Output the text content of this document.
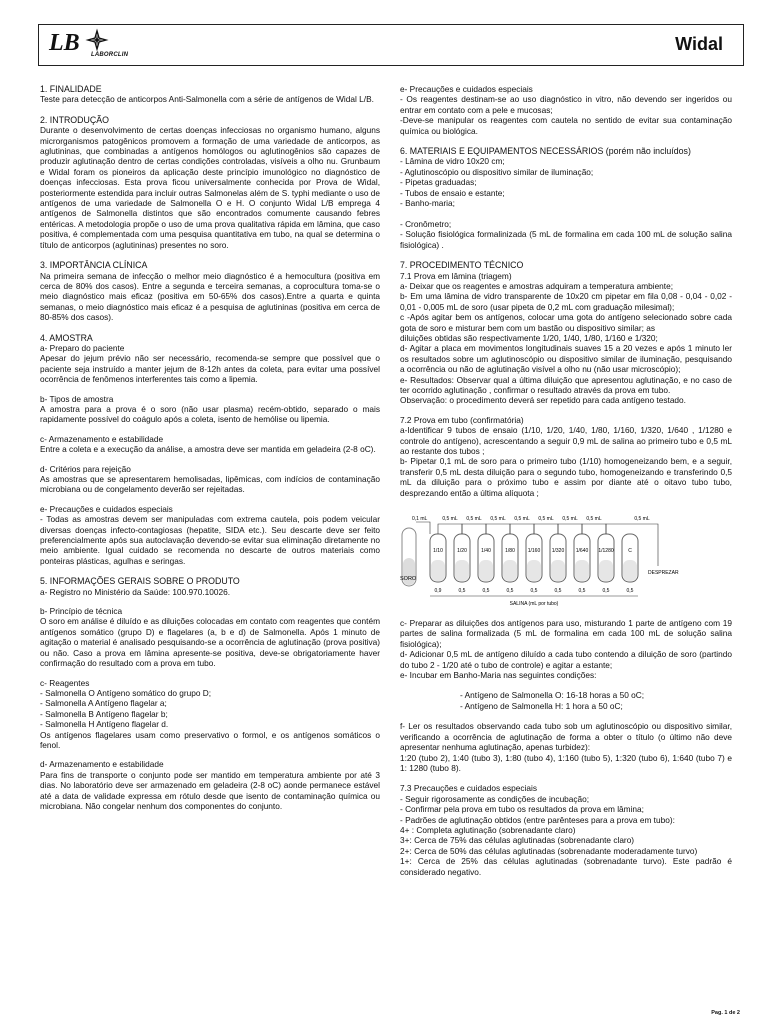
LB LABORCLIN
Widal
1. FINALIDADE
Teste para detecção de anticorpos Anti-Salmonella com a série de antígenos de Widal L/B.
2. INTRODUÇÃO
Durante o desenvolvimento de certas doenças infecciosas no organismo humano, alguns microrganismos patogênicos promovem a formação de uma variedade de anticorpos, as aglutininas, que combinadas a antígenos homólogos ou aglutinogênios são capazes de produzir aglutinação dentro de certas condições controladas, visíveis a olho nu. Grunbaum e Widal foram os pioneiros da aplicação deste princípio imunológico no diagnóstico de doenças infecciosas. Esta prova ficou universalmente conhecida por Prova de Widal, posteriormente estendida para incluir outras Salmonelas além de S. typhi mediante o uso de antígenos de uma variedade de Salmonella O e H. O conjunto Widal L/B emprega 4 antígenos de Salmonella distintos que são encontrados comumente causando febres entéricas. A metodologia propõe o uso de uma prova qualitativa rápida em lâmina, que caso positiva, é complementada com uma pesquisa quantitativa em tubo, na qual se determina o título de anticorpos (aglutininas) presentes no soro.
3. IMPORTÂNCIA CLÍNICA
Na primeira semana de infecção o melhor meio diagnóstico é a hemocultura (positiva em cerca de 80% dos casos). Entre a segunda e terceira semanas, a coprocultura toma-se o meio diagnóstico mais eficaz (positiva em 50-65% dos casos).Entre a quarta e quinta semanas, o meio diagnóstico mais eficaz é a pesquisa de aglutininas (positiva em cerca de 80-85% dos casos).
4. AMOSTRA
a- Preparo do paciente
Apesar do jejum prévio não ser necessário, recomenda-se sempre que possível que o paciente seja instruído a manter jejum de 8-12h antes da coleta, para evitar uma possível ocorrência de fenômenos interferentes tais como a lipemia.
b- Tipos de amostra
A amostra para a prova é o soro (não usar plasma) recém-obtido, separado o mais rapidamente possível do coágulo após a coleta, isento de hemólise ou lipemia.
c- Armazenamento e estabilidade
Entre a coleta e a execução da análise, a amostra deve ser mantida em geladeira (2-8 oC).
d- Critérios para rejeição
As amostras que se apresentarem hemolisadas, lipêmicas, com indícios de contaminação microbiana ou de congelamento deverão ser rejeitadas.
e- Precauções e cuidados especiais
- Todas as amostras devem ser manipuladas com extrema cautela, pois podem veicular diversas doenças infecto-contagiosas (hepatite, SIDA etc.). Seu descarte deve ser feito preferencialmente após sua autoclavação devendo-se evitar sua eliminação diretamente no meio ambiente. Igual cuidado se recomenda no descarte de outros materiais como ponteiras plásticas, agulhas e seringas.
5. INFORMAÇÕES GERAIS SOBRE O PRODUTO
a- Registro no Ministério da Saúde: 100.970.10026.
b- Princípio de técnica
O soro em análise é diluído e as diluições colocadas em contato com reagentes que contém antígenos somático (grupo D) e flagelares (a, b e d) de Salmonella. Após 1 minuto de agitação o material é analisado pesquisando-se a ocorrência de aglutinação (prova positiva) ou não. Caso a prova em lâmina apresente-se positiva, deve-se obrigatoriamente haver confirmação do resultado com a prova em tubo.
c- Reagentes
- Salmonella O Antígeno somático do grupo D;
- Salmonella A Antígeno flagelar a;
- Salmonella B Antígeno flagelar b;
- Salmonella H Antígeno flagelar d.
Os antígenos flagelares usam como preservativo o formol, e os antígenos somáticos o fenol.
d- Armazenamento e estabilidade
Para fins de transporte o conjunto pode ser mantido em temperatura ambiente por até 3 dias. No laboratório deve ser armazenado em geladeira (2-8 oC) aonde permanece estável até a data de validade expressa em rótulo desde que isento de contaminação química ou microbiana. Não congelar nenhum dos componentes do conjunto.
e- Precauções e cuidados especiais
- Os reagentes destinam-se ao uso diagnóstico in vitro, não devendo ser ingeridos ou entrar em contato com a pele e mucosas;
-Deve-se manipular os reagentes com cautela no sentido de evitar sua contaminação química ou biológica.
6. MATERIAIS E EQUIPAMENTOS NECESSÁRIOS (porém não incluídos)
- Lâmina de vidro 10x20 cm;
- Aglutinoscópio ou dispositivo similar de iluminação;
- Pipetas graduadas;
- Tubos de ensaio e estante;
- Banho-maria;

- Cronômetro;
- Solução fisiológica formalinizada (5 mL de formalina em cada 100 mL de solução salina fisiológica) .
7. PROCEDIMENTO TÉCNICO
7.1 Prova em lâmina (triagem)
a- Deixar que os reagentes e amostras adquiram a temperatura ambiente;
b- Em uma lâmina de vidro transparente de 10x20 cm pipetar em fila 0,08 - 0,04 - 0,02 - 0,01 - 0,005 mL de soro (usar pipeta de 0,2 mL com graduação milesimal);
c -Após agitar bem os antígenos, colocar uma gota do antígeno selecionado sobre cada gota de soro e misturar bem com um bastão ou dispositivo similar; as
diluições obtidas são respectivamente 1/20, 1/40, 1/80, 1/160 e 1/320;
d- Agitar a placa em movimentos longitudinais suaves 15 a 20 vezes e após 1 minuto ler os resultados sobre um aglutinoscópio ou dispositivo similar de iluminação, pesquisando a ocorrência ou não de aglutinação visível a olho nu (não usar microscópio);
e- Resultados: Observar qual a última diluição que apresentou aglutinação, e no caso de ter ocorrido aglutinação , confirmar o resultado através da prova em tubo.
Observação: o procedimento deverá ser repetido para cada antígeno testado.
7.2 Prova em tubo (confirmatória)
a-Identificar 9 tubos de ensaio (1/10, 1/20, 1/40, 1/80, 1/160, 1/320, 1/640 , 1/1280 e controle do antígeno), acrescentando a seguir 0,9 mL de salina ao primeiro tubo e 0,5 mL ao restante dos tubos ;
b- Pipetar 0,1 mL de soro para o primeiro tubo (1/10) homogeneizando bem, e a seguir, transferir 0,5 mL desta diluição para o segundo tubo, homogeneizando e transferindo 0,5 mL da diluição para o próximo tubo e assim por diante até o oitavo tubo tubo, desprezando então a última alíquota ;
SORO
0,1 mL
1/10
0,9
0,5 mL
1/20
0,5
0,5 mL
1/40
0,5
0,5 mL
1/80
0,5
0,5 mL
1/160
0,5
0,5 mL
1/320
0,5
0,5 mL
1/640
0,5
0,5 mL
1/1280
0,5
C
0,5
0,5 mL
DESPREZAR
SALINA (mL por tubo)
c- Preparar as diluições dos antígenos para uso, misturando 1 parte de antígeno com 19 partes de salina formalizada (5 mL de formalina em cada 100 mL de solução salina fisiológica);
d- Adicionar 0,5 mL de antígeno diluído a cada tubo contendo a diluição de soro (partindo do tubo 2 - 1/20 até o tubo de controle) e agitar a estante;
e- Incubar em Banho-Maria nas seguintes condições:
- Antígeno de Salmonella O: 16-18 horas a 50 oC;
- Antígeno de Salmonella H: 1 hora a 50 oC;
f- Ler os resultados observando cada tubo sob um aglutinoscópio ou dispositivo similar, verificando a ocorrência de aglutinação de forma a obter o título (o último não deve apresentar nenhuma aglutinação, apenas turbidez):
1:20 (tubo 2), 1:40 (tubo 3), 1:80 (tubo 4), 1:160 (tubo 5), 1:320 (tubo 6), 1:640 (tubo 7) e 1: 1280 (tubo 8).
7.3 Precauções e cuidados especiais
- Seguir rigorosamente as condições de incubação;
- Confirmar pela prova em tubo os resultados da prova em lâmina;
- Padrões de aglutinação obtidos (entre parênteses para a prova em tubo):
4+ : Completa aglutinação (sobrenadante claro)
3+: Cerca de 75% das células aglutinadas (sobrenadante claro)
2+: Cerca de 50% das células aglutinadas (sobrenadante moderadamente turvo)
1+: Cerca de 25% das células aglutinadas (sobrenadante turvo). Este padrão é considerado negativo.
Pag. 1 de 2
